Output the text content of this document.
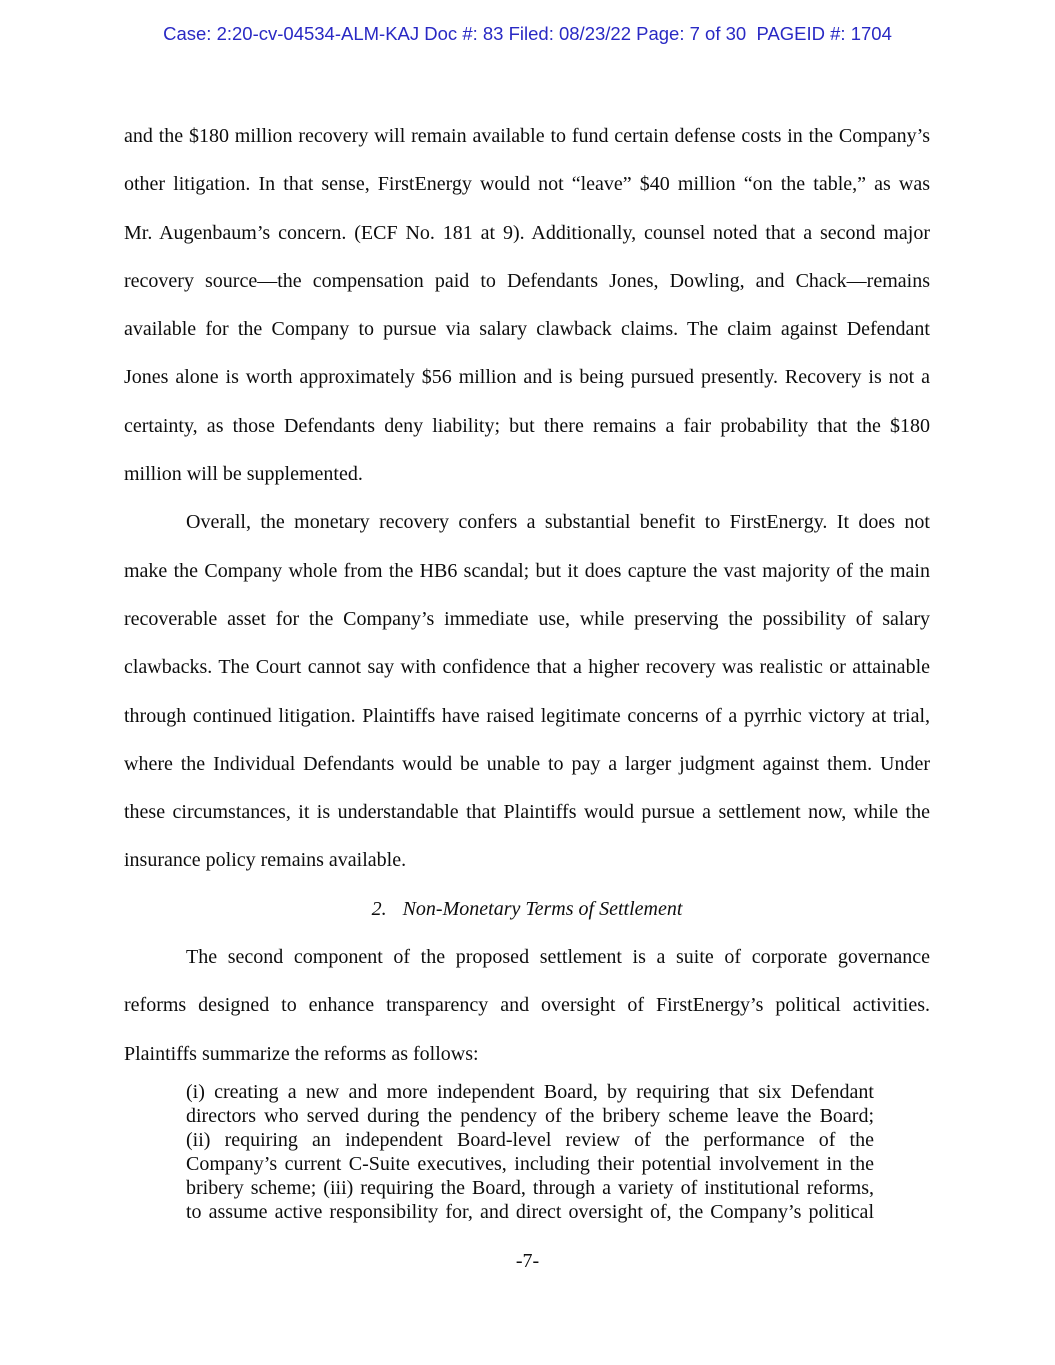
Case: 2:20-cv-04534-ALM-KAJ Doc #: 83 Filed: 08/23/22 Page: 7 of 30  PAGEID #: 1704
and the $180 million recovery will remain available to fund certain defense costs in the Company’s
other litigation. In that sense, FirstEnergy would not “leave” $40 million “on the table,” as was
Mr. Augenbaum’s concern. (ECF No. 181 at 9). Additionally, counsel noted that a second major
recovery source—the compensation paid to Defendants Jones, Dowling, and Chack—remains
available for the Company to pursue via salary clawback claims. The claim against Defendant
Jones alone is worth approximately $56 million and is being pursued presently. Recovery is not a
certainty, as those Defendants deny liability; but there remains a fair probability that the $180
million will be supplemented.
Overall, the monetary recovery confers a substantial benefit to FirstEnergy. It does not
make the Company whole from the HB6 scandal; but it does capture the vast majority of the main
recoverable asset for the Company’s immediate use, while preserving the possibility of salary
clawbacks. The Court cannot say with confidence that a higher recovery was realistic or attainable
through continued litigation. Plaintiffs have raised legitimate concerns of a pyrrhic victory at trial,
where the Individual Defendants would be unable to pay a larger judgment against them. Under
these circumstances, it is understandable that Plaintiffs would pursue a settlement now, while the
insurance policy remains available.
2. Non-Monetary Terms of Settlement
The second component of the proposed settlement is a suite of corporate governance
reforms designed to enhance transparency and oversight of FirstEnergy’s political activities.
Plaintiffs summarize the reforms as follows:
(i) creating a new and more independent Board, by requiring that six Defendant
directors who served during the pendency of the bribery scheme leave the Board;
(ii) requiring an independent Board-level review of the performance of the
Company’s current C-Suite executives, including their potential involvement in the
bribery scheme; (iii) requiring the Board, through a variety of institutional reforms,
to assume active responsibility for, and direct oversight of, the Company’s political
-7-
